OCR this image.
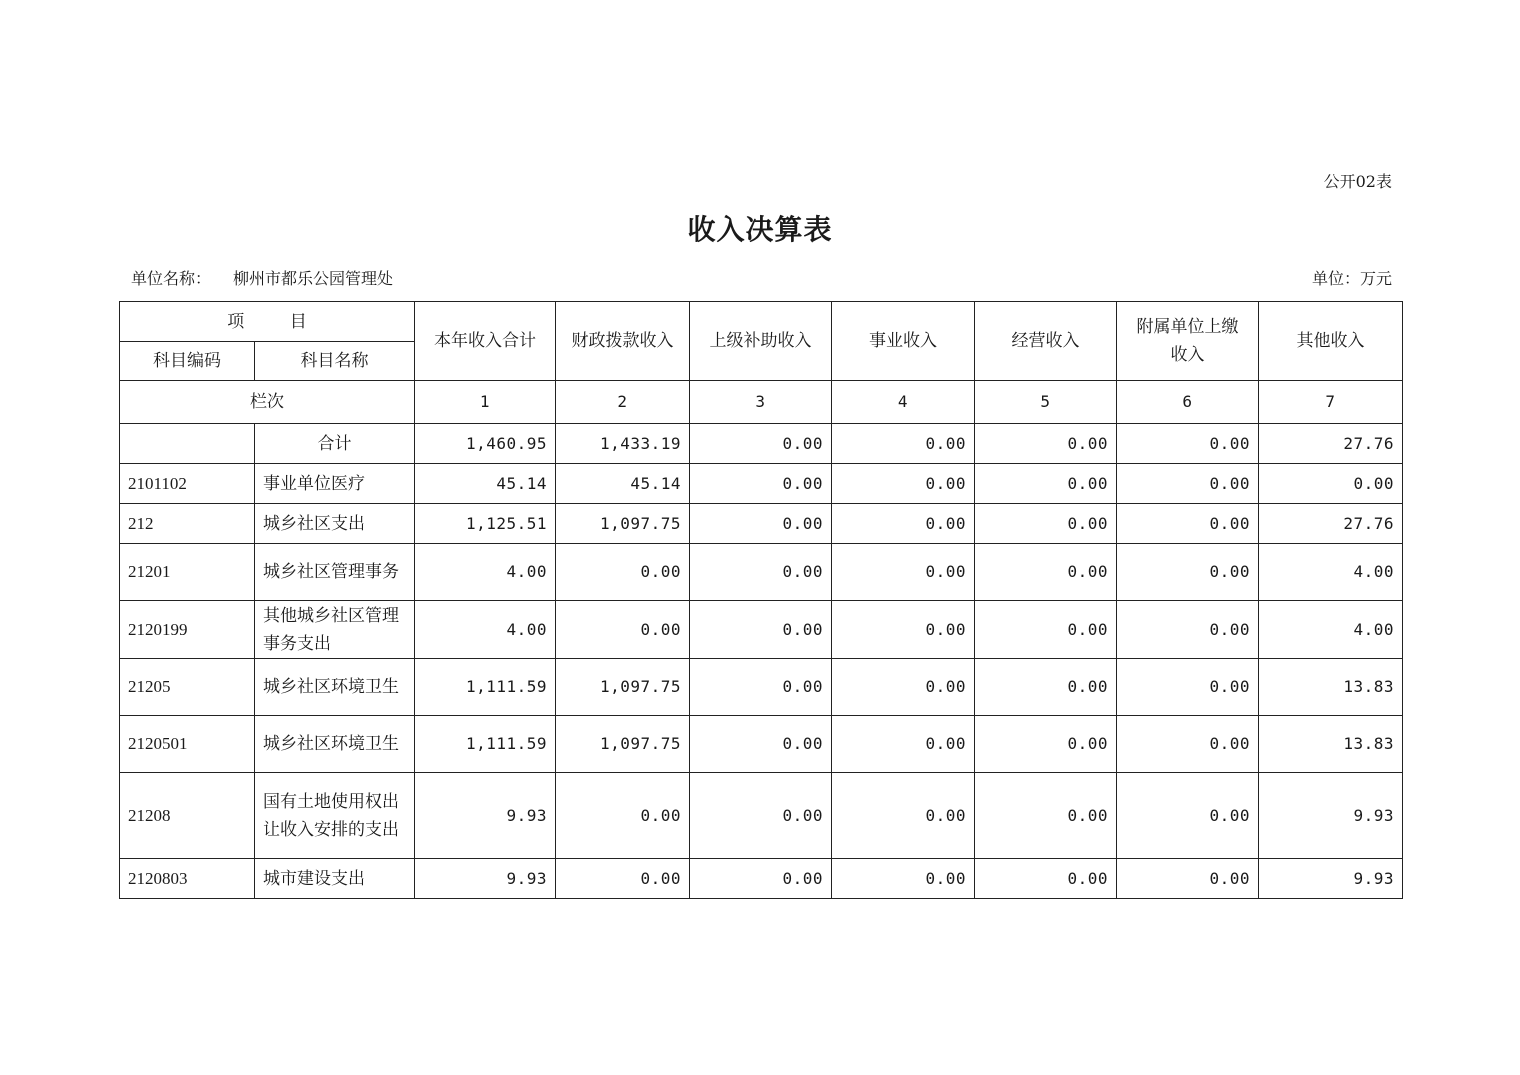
公开02表
收入决算表
单位名称： 柳州市都乐公园管理处	单位：万元
项 目		本年收入合计	财政拨款收入	上级补助收入	事业收入	经营收入	附属单位上缴收入	其他收入
科目编码	科目名称							
栏次		1	2	3	4	5	6	7
	合计	1,460.95	1,433.19	0.00	0.00	0.00	0.00	27.76
2101102	事业单位医疗	45.14	45.14	0.00	0.00	0.00	0.00	0.00
212	城乡社区支出	1,125.51	1,097.75	0.00	0.00	0.00	0.00	27.76
21201	城乡社区管理事务	4.00	0.00	0.00	0.00	0.00	0.00	4.00
2120199	其他城乡社区管理事务支出	4.00	0.00	0.00	0.00	0.00	0.00	4.00
21205	城乡社区环境卫生	1,111.59	1,097.75	0.00	0.00	0.00	0.00	13.83
2120501	城乡社区环境卫生	1,111.59	1,097.75	0.00	0.00	0.00	0.00	13.83
21208	国有土地使用权出让收入安排的支出	9.93	0.00	0.00	0.00	0.00	0.00	9.93
2120803	城市建设支出	9.93	0.00	0.00	0.00	0.00	0.00	9.93
